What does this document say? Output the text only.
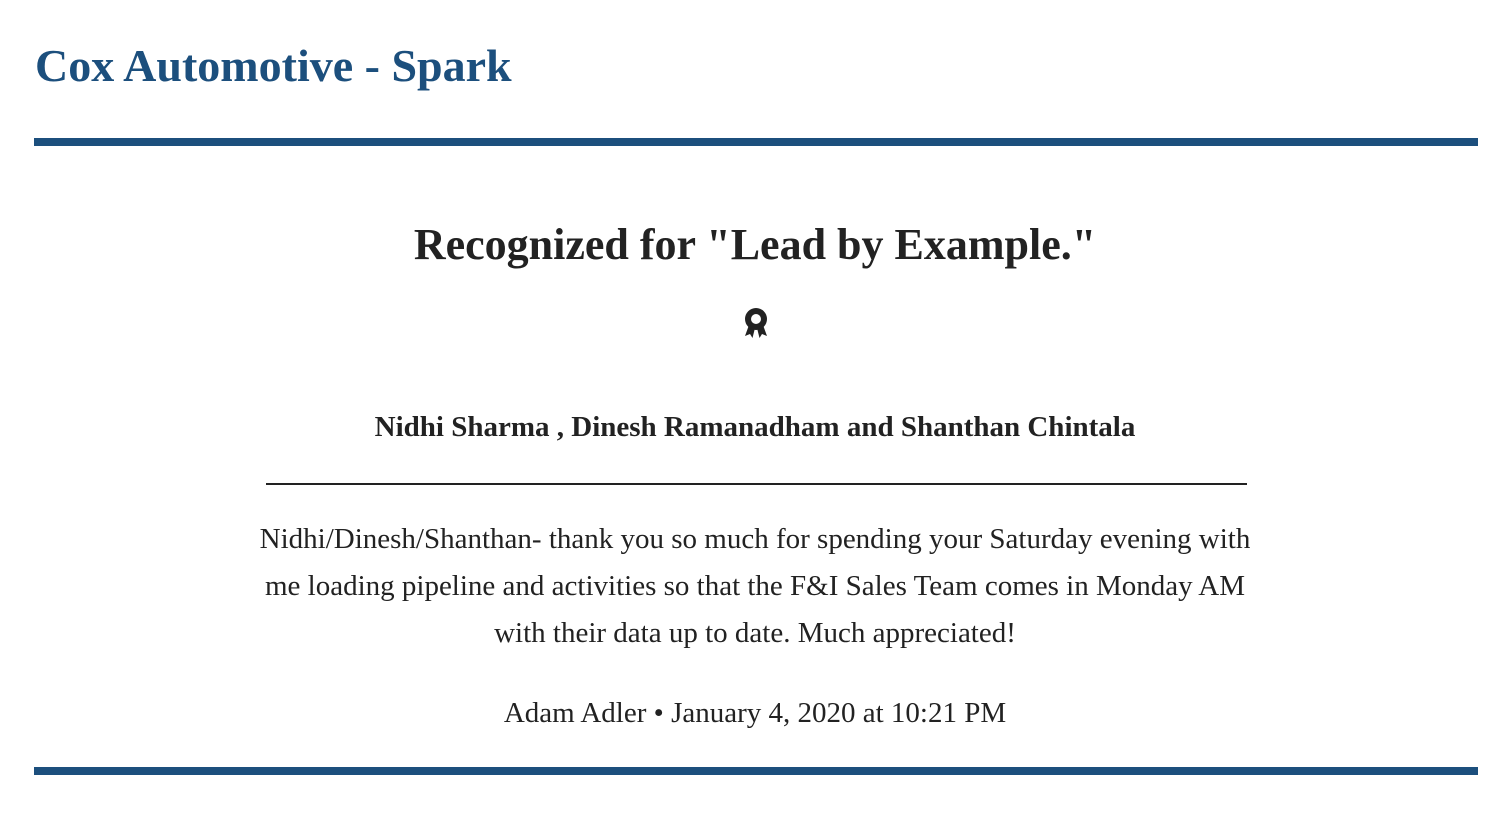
Cox Automotive - Spark
Recognized for "Lead by Example."
Nidhi Sharma , Dinesh Ramanadham and Shanthan Chintala

Nidhi/Dinesh/Shanthan- thank you so much for spending your Saturday evening with me loading pipeline and activities so that the F&I Sales Team comes in Monday AM with their data up to date. Much appreciated!

Adam Adler • January 4, 2020 at 10:21 PM
